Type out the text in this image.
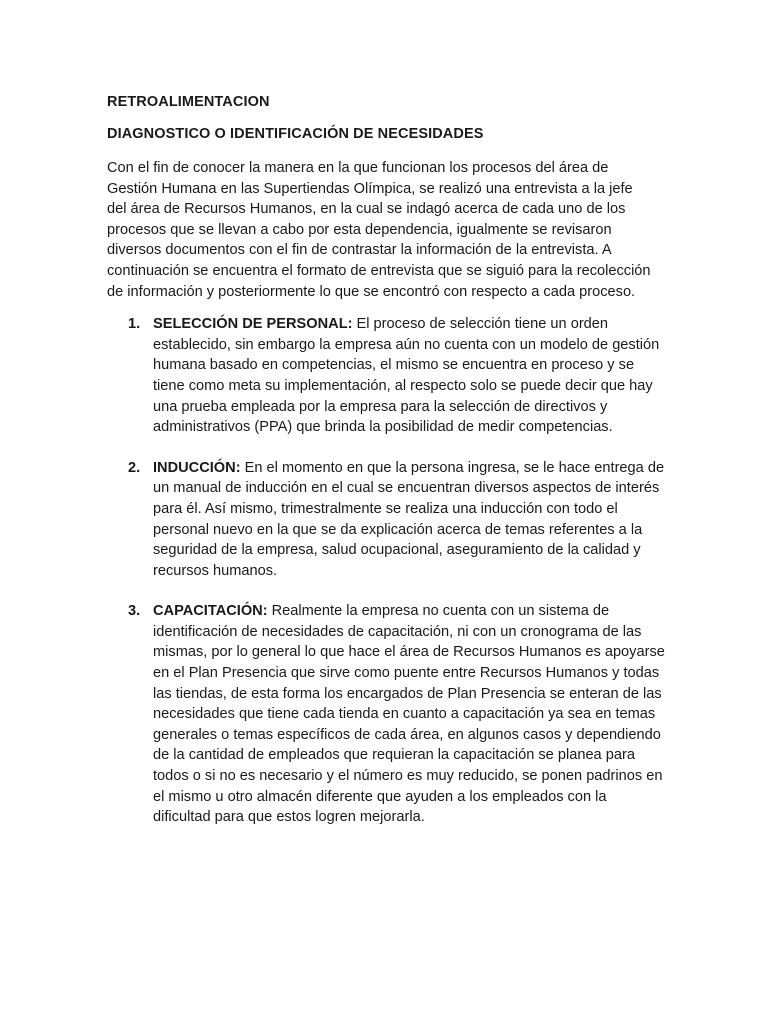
RETROALIMENTACION

DIAGNOSTICO O IDENTIFICACIÓN DE NECESIDADES

Con el fin de conocer la manera en la que funcionan los procesos del área de Gestión Humana en las Supertiendas Olímpica, se realizó una entrevista a la jefe del área de Recursos Humanos, en la cual se indagó acerca de cada uno de los procesos que se llevan a cabo por esta dependencia, igualmente se revisaron diversos documentos con el fin de contrastar la información de la entrevista. A continuación se encuentra el formato de entrevista que se siguió para la recolección de información y posteriormente lo que se encontró con respecto a cada proceso.

1. SELECCIÓN DE PERSONAL: El proceso de selección tiene un orden establecido, sin embargo la empresa aún no cuenta con un modelo de gestión humana basado en competencias, el mismo se encuentra en proceso y se tiene como meta su implementación, al respecto solo se puede decir que hay una prueba empleada por la empresa para la selección de directivos y administrativos (PPA) que brinda la posibilidad de medir competencias.
2. INDUCCIÓN: En el momento en que la persona ingresa, se le hace entrega de un manual de inducción en el cual se encuentran diversos aspectos de interés para él. Así mismo, trimestralmente se realiza una inducción con todo el personal nuevo en la que se da explicación acerca de temas referentes a la seguridad de la empresa, salud ocupacional, aseguramiento de la calidad y recursos humanos.
3. CAPACITACIÓN: Realmente la empresa no cuenta con un sistema de identificación de necesidades de capacitación, ni con un cronograma de las mismas, por lo general lo que hace el área de Recursos Humanos es apoyarse en el Plan Presencia que sirve como puente entre Recursos Humanos y todas las tiendas, de esta forma los encargados de Plan Presencia se enteran de las necesidades que tiene cada tienda en cuanto a capacitación ya sea en temas generales o temas específicos de cada área, en algunos casos y dependiendo de la cantidad de empleados que requieran la capacitación se planea para todos o si no es necesario y el número es muy reducido, se ponen padrinos en el mismo u otro almacén diferente que ayuden a los empleados con la dificultad para que estos logren mejorarla.
